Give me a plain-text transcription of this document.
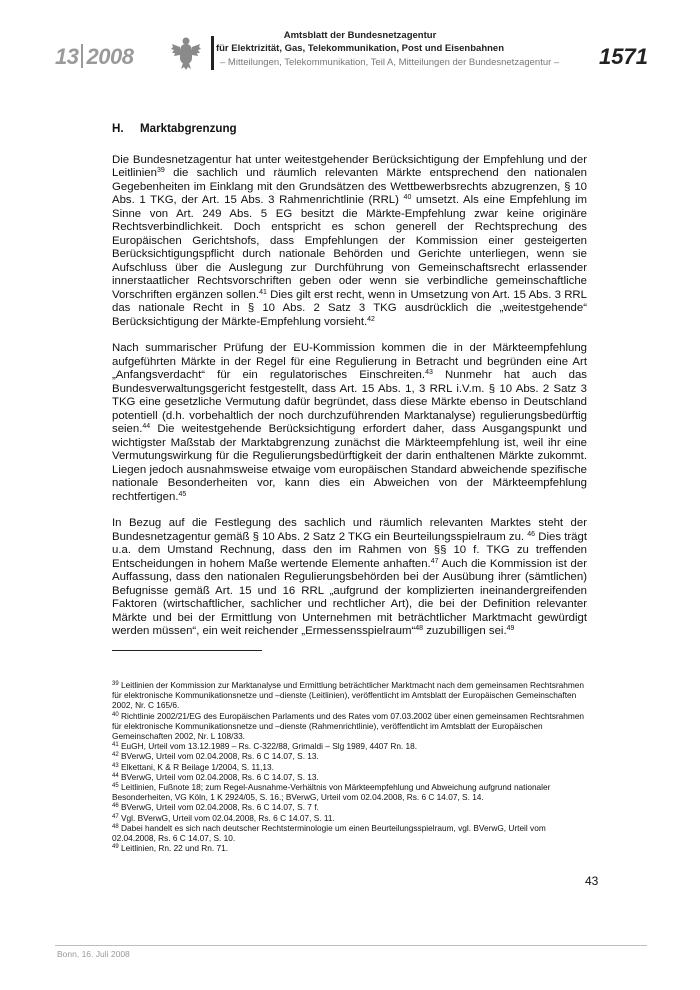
13 2008
Amtsblatt der Bundesnetzagentur
für Elektrizität, Gas, Telekommunikation, Post und Eisenbahnen
– Mitteilungen, Telekommunikation, Teil A, Mitteilungen der Bundesnetzagentur – 1571
H. Marktabgrenzung

Die Bundesnetzagentur hat unter weitestgehender Berücksichtigung der Empfehlung und der Leitlinien$^{39}$ die sachlich und räumlich relevanten Märkte entsprechend den nationalen Gegebenheiten im Einklang mit den Grundsätzen des Wettbewerbsrechts abzugrenzen, § 10 Abs. 1 TKG, der Art. 15 Abs. 3 Rahmenrichtlinie (RRL) $^{40}$ umsetzt. Als eine Empfehlung im Sinne von Art. 249 Abs. 5 EG besitzt die Märkte-Empfehlung zwar keine originäre Rechtsverbindlichkeit. Doch entspricht es schon generell der Rechtsprechung des Europäischen Gerichtshofs, dass Empfehlungen der Kommission einer gesteigerten Berücksichtigungspflicht durch nationale Behörden und Gerichte unterliegen, wenn sie Aufschluss über die Auslegung zur Durchführung von Gemeinschaftsrecht erlassender innerstaatlicher Rechtsvorschriften geben oder wenn sie verbindliche gemeinschaftliche Vorschriften ergänzen sollen.$^{41}$ Dies gilt erst recht, wenn in Umsetzung von Art. 15 Abs. 3 RRL das nationale Recht in § 10 Abs. 2 Satz 3 TKG ausdrücklich die „weitestgehende“ Berücksichtigung der Märkte-Empfehlung vorsieht.$^{42}$

Nach summarischer Prüfung der EU-Kommission kommen die in der Märkteempfehlung aufgeführten Märkte in der Regel für eine Regulierung in Betracht und begründen eine Art „Anfangsverdacht“ für ein regulatorisches Einschreiten.$^{43}$ Nunmehr hat auch das Bundesverwaltungsgericht festgestellt, dass Art. 15 Abs. 1, 3 RRL i.V.m. § 10 Abs. 2 Satz 3 TKG eine gesetzliche Vermutung dafür begründet, dass diese Märkte ebenso in Deutschland potentiell (d.h. vorbehaltlich der noch durchzuführenden Marktanalyse) regulierungsbedürftig seien.$^{44}$ Die weitestgehende Berücksichtigung erfordert daher, dass Ausgangspunkt und wichtigster Maßstab der Marktabgrenzung zunächst die Märkteempfehlung ist, weil ihr eine Vermutungswirkung für die Regulierungsbedürftigkeit der darin enthaltenen Märkte zukommt. Liegen jedoch ausnahmsweise etwaige vom europäischen Standard abweichende spezifische nationale Besonderheiten vor, kann dies ein Abweichen von der Märkteempfehlung rechtfertigen.$^{45}$

In Bezug auf die Festlegung des sachlich und räumlich relevanten Marktes steht der Bundesnetzagentur gemäß § 10 Abs. 2 Satz 2 TKG ein Beurteilungsspielraum zu. $^{46}$ Dies trägt u.a. dem Umstand Rechnung, dass den im Rahmen von §§ 10 f. TKG zu treffenden Entscheidungen in hohem Maße wertende Elemente anhaften.$^{47}$ Auch die Kommission ist der Auffassung, dass den nationalen Regulierungsbehörden bei der Ausübung ihrer (sämtlichen) Befugnisse gemäß Art. 15 und 16 RRL „aufgrund der komplizierten ineinandergreifenden Faktoren (wirtschaftlicher, sachlicher und rechtlicher Art), die bei der Definition relevanter Märkte und bei der Ermittlung von Unternehmen mit beträchtlicher Marktmacht gewürdigt werden müssen“, ein weit reichender „Ermessensspielraum“$^{48}$ zuzubilligen sei.$^{49}$

$^{39}$ Leitlinien der Kommission zur Marktanalyse und Ermittlung beträchtlicher Marktmacht nach dem gemeinsamen Rechtsrahmen für elektronische Kommunikationsnetze und –dienste (Leitlinien), veröffentlicht im Amtsblatt der Europäischen Gemeinschaften 2002, Nr. C 165/6.

$^{40}$ Richtlinie 2002/21/EG des Europäischen Parlaments und des Rates vom 07.03.2002 über einen gemeinsamen Rechtsrahmen für elektronische Kommunikationsnetze und –dienste (Rahmenrichtlinie), veröffentlicht im Amtsblatt der Europäischen Gemeinschaften 2002, Nr. L 108/33.

$^{41}$ EuGH, Urteil vom 13.12.1989 – Rs. C-322/88, Grimaldi – Slg 1989, 4407 Rn. 18.

$^{42}$ BVerwG, Urteil vom 02.04.2008, Rs. 6 C 14.07, S. 13.

$^{43}$ Elkettani, K & R Beilage 1/2004, S. 11,13.

$^{44}$ BVerwG, Urteil vom 02.04.2008, Rs. 6 C 14.07, S. 13.

$^{45}$ Leitlinien, Fußnote 18; zum Regel-Ausnahme-Verhältnis von Märkteempfehlung und Abweichung aufgrund nationaler Besonderheiten, VG Köln, 1 K 2924/05, S. 16.; BVerwG, Urteil vom 02.04.2008, Rs. 6 C 14.07, S. 14.

$^{46}$ BVerwG, Urteil vom 02.04.2008, Rs. 6 C 14.07, S. 7 f.

$^{47}$ Vgl. BVerwG, Urteil vom 02.04.2008, Rs. 6 C 14.07, S. 11.

$^{48}$ Dabei handelt es sich nach deutscher Rechtsterminologie um einen Beurteilungsspielraum, vgl. BVerwG, Urteil vom 02.04.2008, Rs. 6 C 14.07, S. 10.

$^{49}$ Leitlinien, Rn. 22 und Rn. 71.

43
Bonn, 16. Juli 2008
